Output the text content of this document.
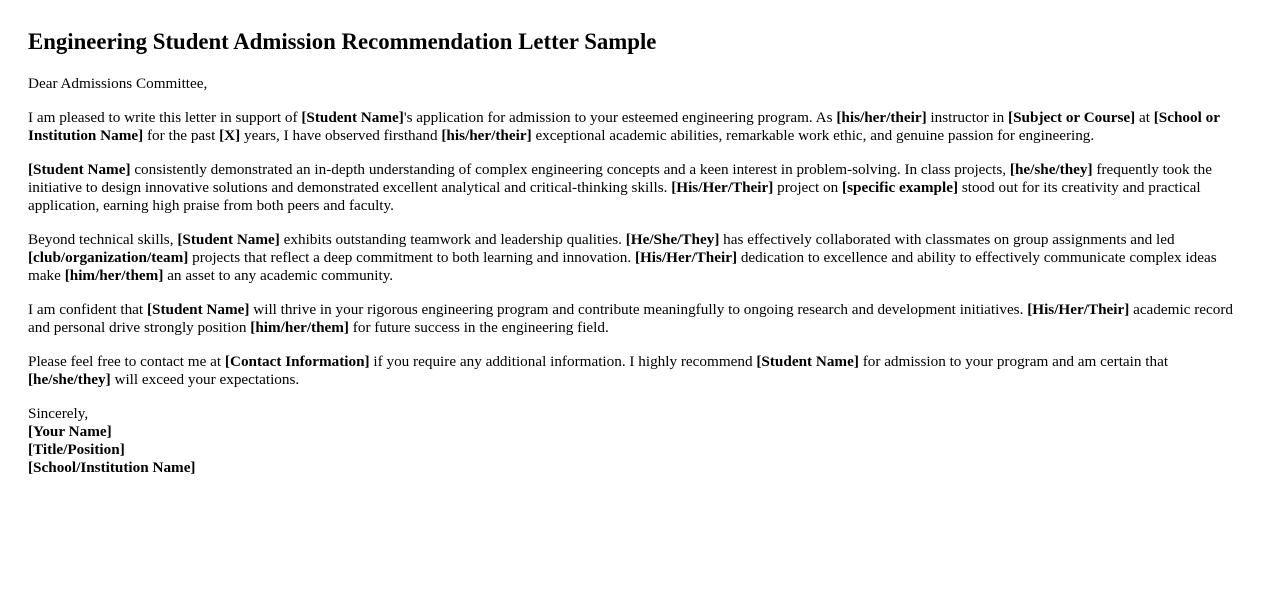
Engineering Student Admission Recommendation Letter Sample

Dear Admissions Committee,

I am pleased to write this letter in support of [Student Name]'s application for admission to your esteemed engineering program. As [his/her/their] instructor in [Subject or Course] at [School or Institution Name] for the past [X] years, I have observed firsthand [his/her/their] exceptional academic abilities, remarkable work ethic, and genuine passion for engineering.

[Student Name] consistently demonstrated an in-depth understanding of complex engineering concepts and a keen interest in problem-solving. In class projects, [he/she/they] frequently took the initiative to design innovative solutions and demonstrated excellent analytical and critical-thinking skills. [His/Her/Their] project on [specific example] stood out for its creativity and practical application, earning high praise from both peers and faculty.

Beyond technical skills, [Student Name] exhibits outstanding teamwork and leadership qualities. [He/She/They] has effectively collaborated with classmates on group assignments and led [club/organization/team] projects that reflect a deep commitment to both learning and innovation. [His/Her/Their] dedication to excellence and ability to effectively communicate complex ideas make [him/her/them] an asset to any academic community.

I am confident that [Student Name] will thrive in your rigorous engineering program and contribute meaningfully to ongoing research and development initiatives. [His/Her/Their] academic record and personal drive strongly position [him/her/them] for future success in the engineering field.

Please feel free to contact me at [Contact Information] if you require any additional information. I highly recommend [Student Name] for admission to your program and am certain that [he/she/they] will exceed your expectations.

Sincerely,
[Your Name]
[Title/Position]
[School/Institution Name]
